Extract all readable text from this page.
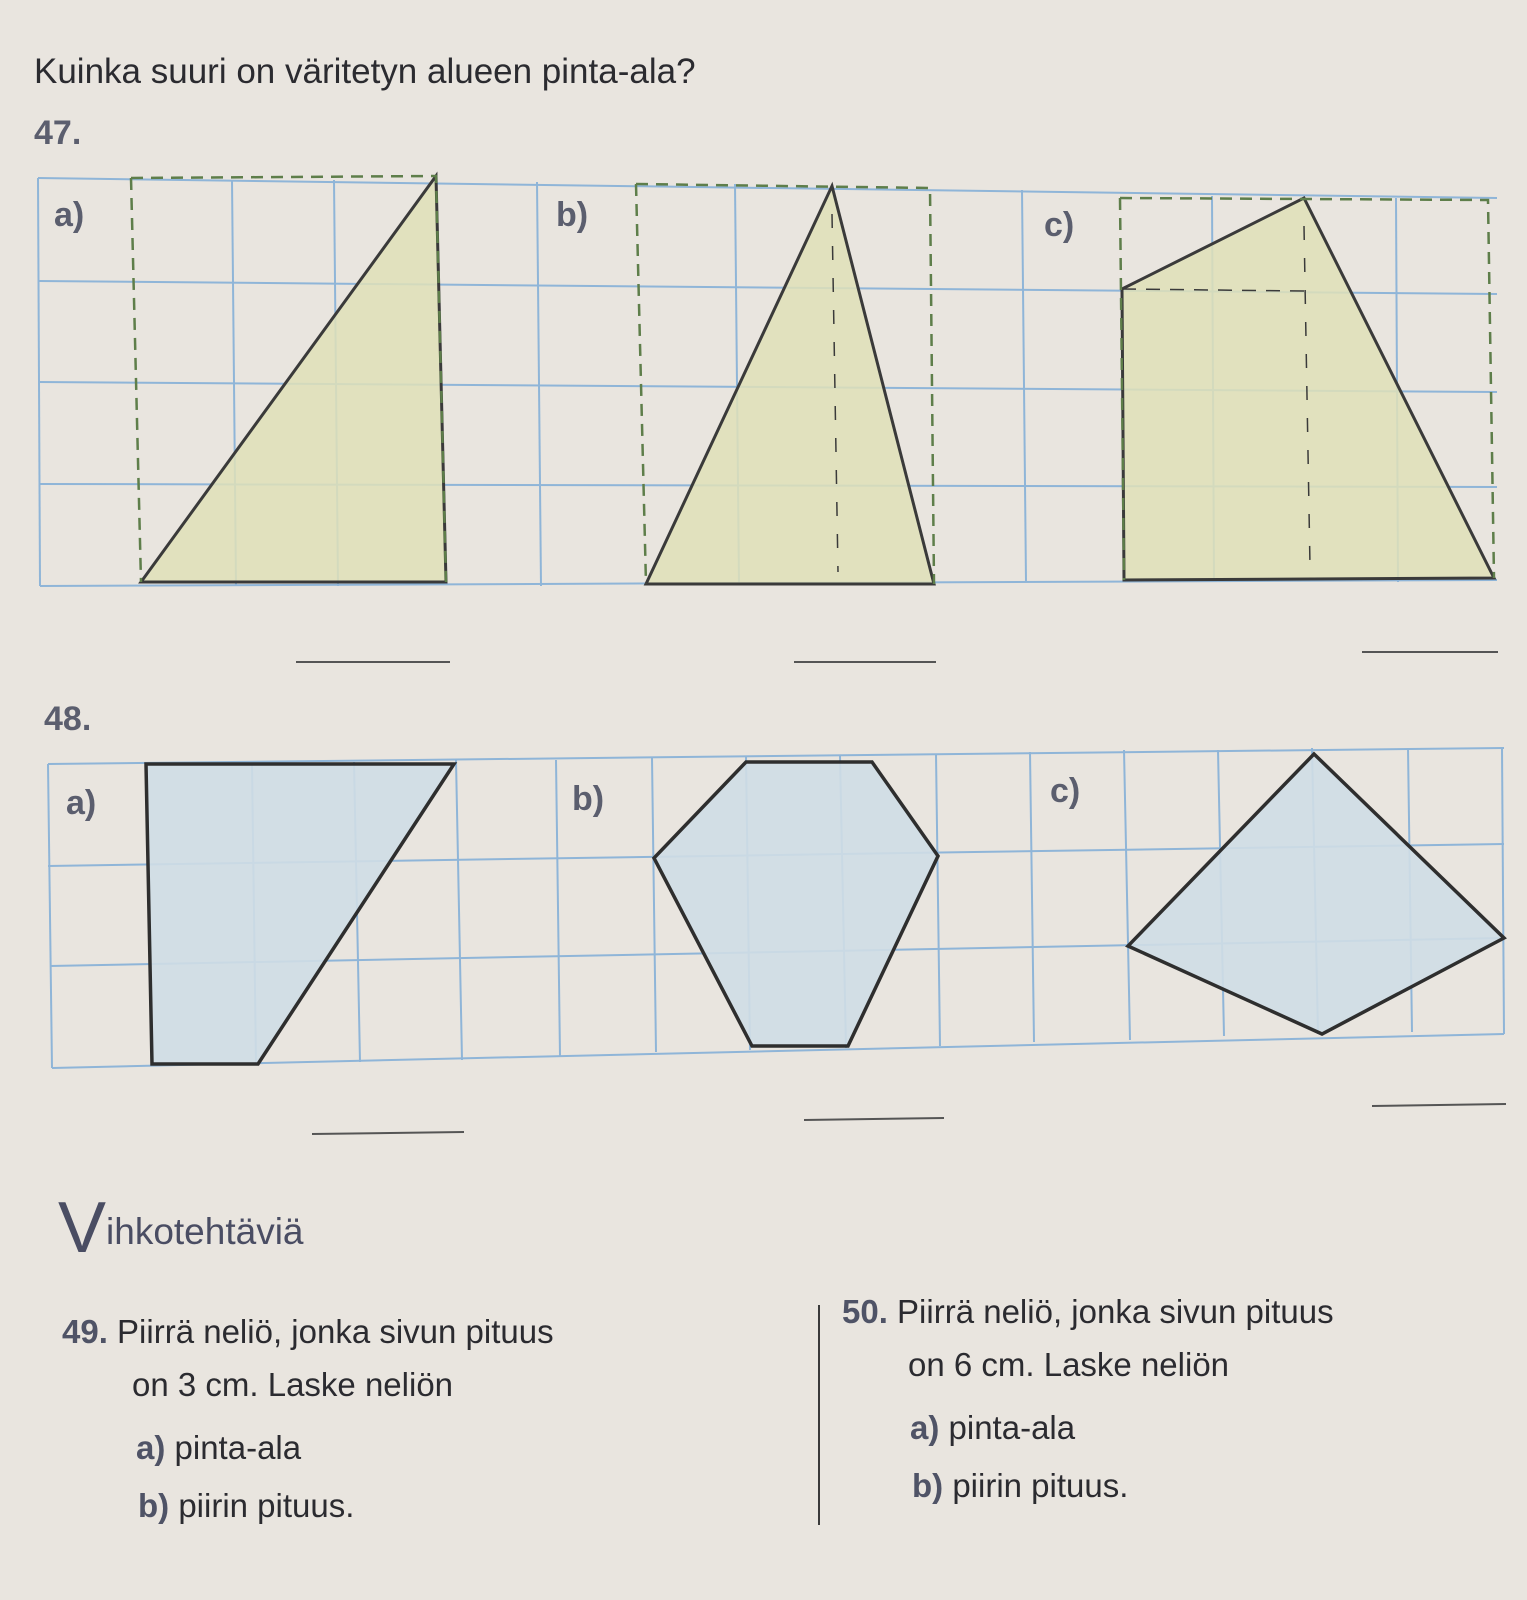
Kuinka suuri on väritetyn alueen pinta-ala?
47.
a)	b)	c)
48.
a)	b)	c)
Vihkotehtäviä
49. Piirrä neliö, jonka sivun pituus
on 3 cm. Laske neliön
a) pinta-ala
b) piirin pituus.
50. Piirrä neliö, jonka sivun pituus
on 6 cm. Laske neliön
a) pinta-ala
b) piirin pituus.
